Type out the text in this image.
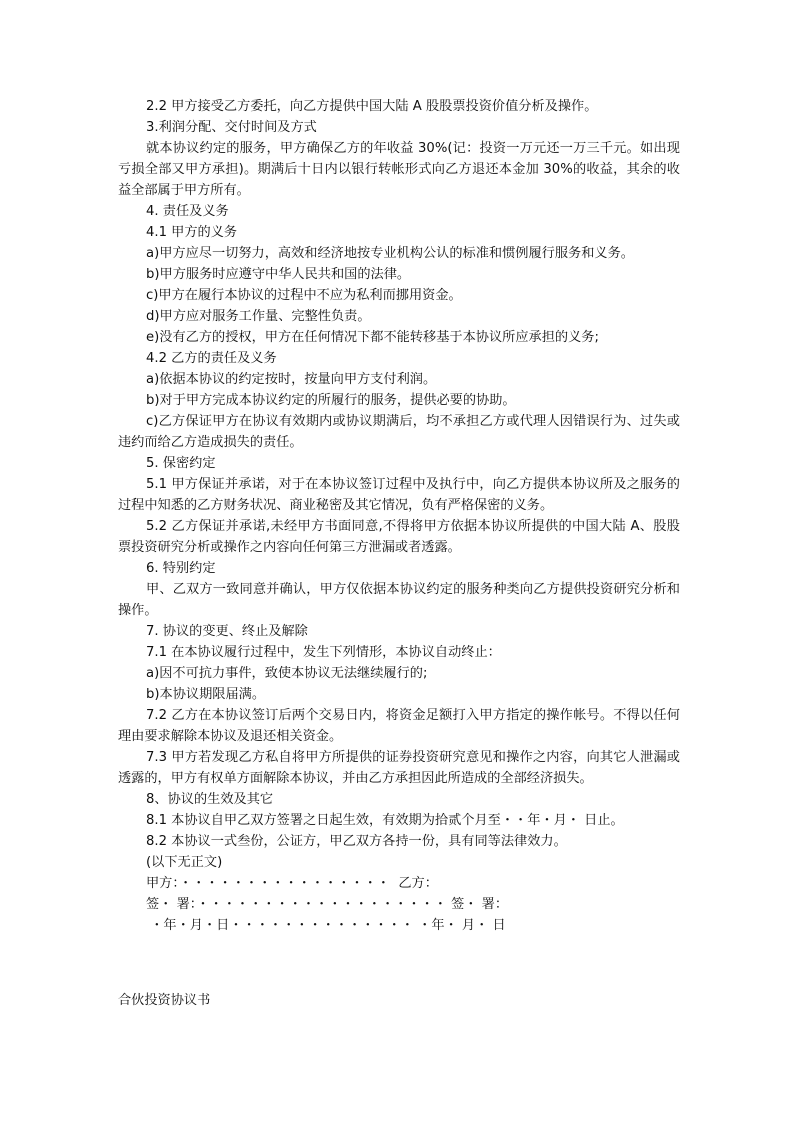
2.2 甲方接受乙方委托，向乙方提供中国大陆 A 股股票投资价值分析及操作。

3.利润分配、交付时间及方式

就本协议约定的服务，甲方确保乙方的年收益 30%(记：投资一万元还一万三千元。如出现亏损全部又甲方承担)。期满后十日内以银行转帐形式向乙方退还本金加 30%的收益，其余的收益全部属于甲方所有。

4. 责任及义务

4.1 甲方的义务

a)甲方应尽一切努力，高效和经济地按专业机构公认的标准和惯例履行服务和义务。

b)甲方服务时应遵守中华人民共和国的法律。

c)甲方在履行本协议的过程中不应为私利而挪用资金。

d)甲方应对服务工作量、完整性负责。

e)没有乙方的授权，甲方在任何情况下都不能转移基于本协议所应承担的义务;

4.2 乙方的责任及义务

a)依据本协议的约定按时，按量向甲方支付利润。

b)对于甲方完成本协议约定的所履行的服务，提供必要的协助。

c)乙方保证甲方在协议有效期内或协议期满后，均不承担乙方或代理人因错误行为、过失或违约而给乙方造成损失的责任。

5. 保密约定

5.1 甲方保证并承诺，对于在本协议签订过程中及执行中，向乙方提供本协议所及之服务的过程中知悉的乙方财务状况、商业秘密及其它情况，负有严格保密的义务。

5.2 乙方保证并承诺,未经甲方书面同意,不得将甲方依据本协议所提供的中国大陆 A、股股票投资研究分析或操作之内容向任何第三方泄漏或者透露。

6. 特别约定

甲、乙双方一致同意并确认，甲方仅依据本协议约定的服务种类向乙方提供投资研究分析和操作。

7. 协议的变更、终止及解除

7.1 在本协议履行过程中，发生下列情形，本协议自动终止：

a)因不可抗力事件，致使本协议无法继续履行的;

b)本协议期限届满。

7.2 乙方在本协议签订后两个交易日内，将资金足额打入甲方指定的操作帐号。不得以任何理由要求解除本协议及退还相关资金。

7.3 甲方若发现乙方私自将甲方所提供的证券投资研究意见和操作之内容，向其它人泄漏或透露的，甲方有权单方面解除本协议，并由乙方承担因此所造成的全部经济损失。

8、协议的生效及其它

8.1 本协议自甲乙双方签署之日起生效，有效期为拾贰个月至・・年・月・ 日止。

8.2 本协议一式叁份，公证方，甲乙双方各持一份，具有同等法律效力。

(以下无正文)

甲方：・・・・・・・・・・・・・・・・  乙方：

签・ 署：・・・・・・・・・・・・・・・・・・・ 签・ 署：

・年・月・日・・・・・・・・・・・・・・ ・年・ 月・ 日

合伙投资协议书
